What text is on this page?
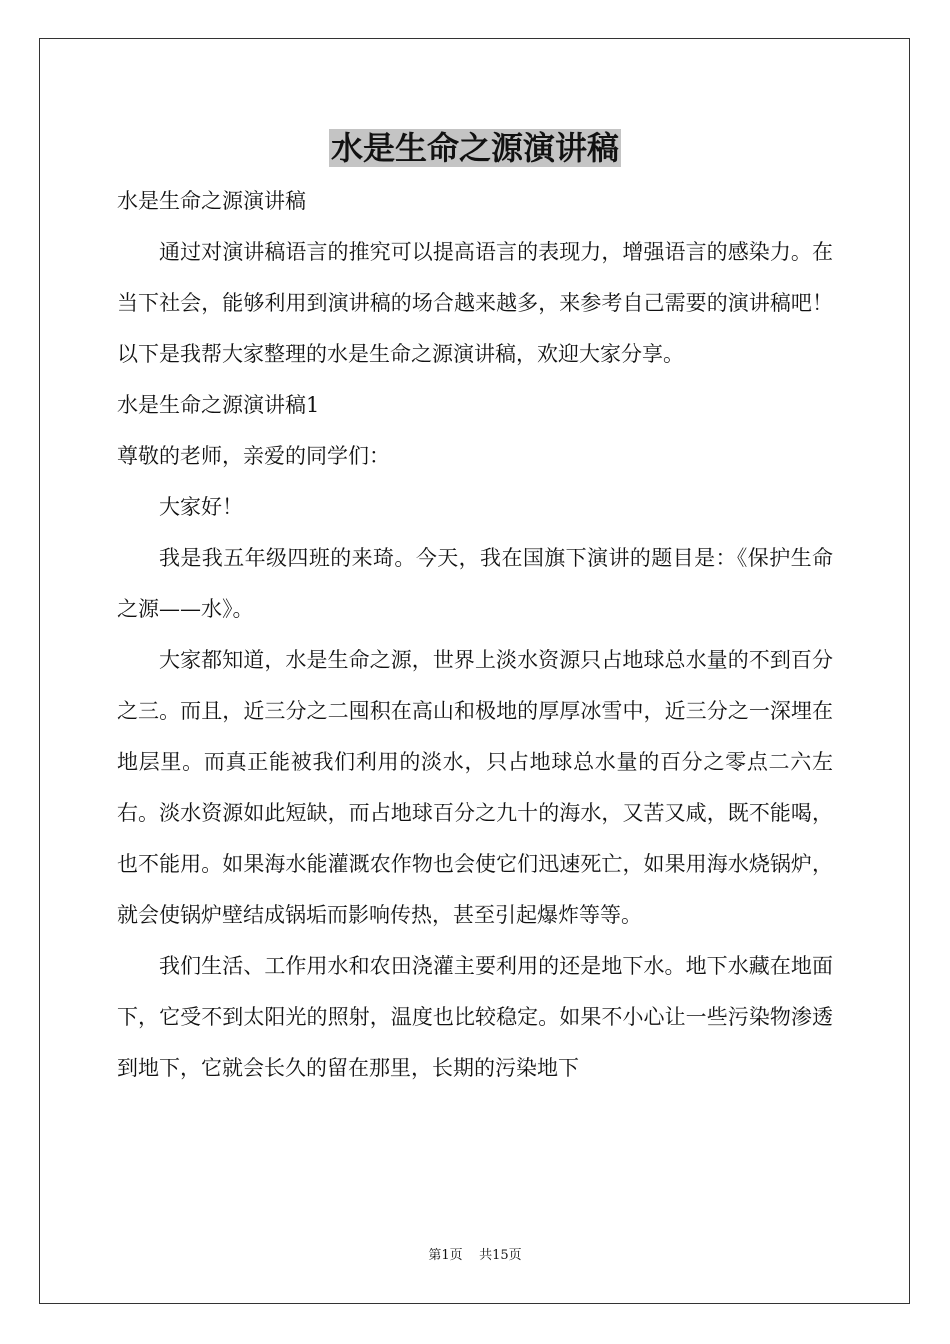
水是生命之源演讲稿

水是生命之源演讲稿

通过对演讲稿语言的推究可以提高语言的表现力，增强语言的感染力。在当下社会，能够利用到演讲稿的场合越来越多，来参考自己需要的演讲稿吧！以下是我帮大家整理的水是生命之源演讲稿，欢迎大家分享。

水是生命之源演讲稿1

尊敬的老师，亲爱的同学们：

大家好！

我是我五年级四班的来琦。今天，我在国旗下演讲的题目是：《保护生命之源——水》。

大家都知道，水是生命之源，世界上淡水资源只占地球总水量的不到百分之三。而且，近三分之二囤积在高山和极地的厚厚冰雪中，近三分之一深埋在地层里。而真正能被我们利用的淡水，只占地球总水量的百分之零点二六左右。淡水资源如此短缺，而占地球百分之九十的海水，又苦又咸，既不能喝，也不能用。如果海水能灌溉农作物也会使它们迅速死亡，如果用海水烧锅炉，就会使锅炉壁结成锅垢而影响传热，甚至引起爆炸等等。

我们生活、工作用水和农田浇灌主要利用的还是地下水。地下水藏在地面下，它受不到太阳光的照射，温度也比较稳定。如果不小心让一些污染物渗透到地下，它就会长久的留在那里，长期的污染地下

第1页 共15页
